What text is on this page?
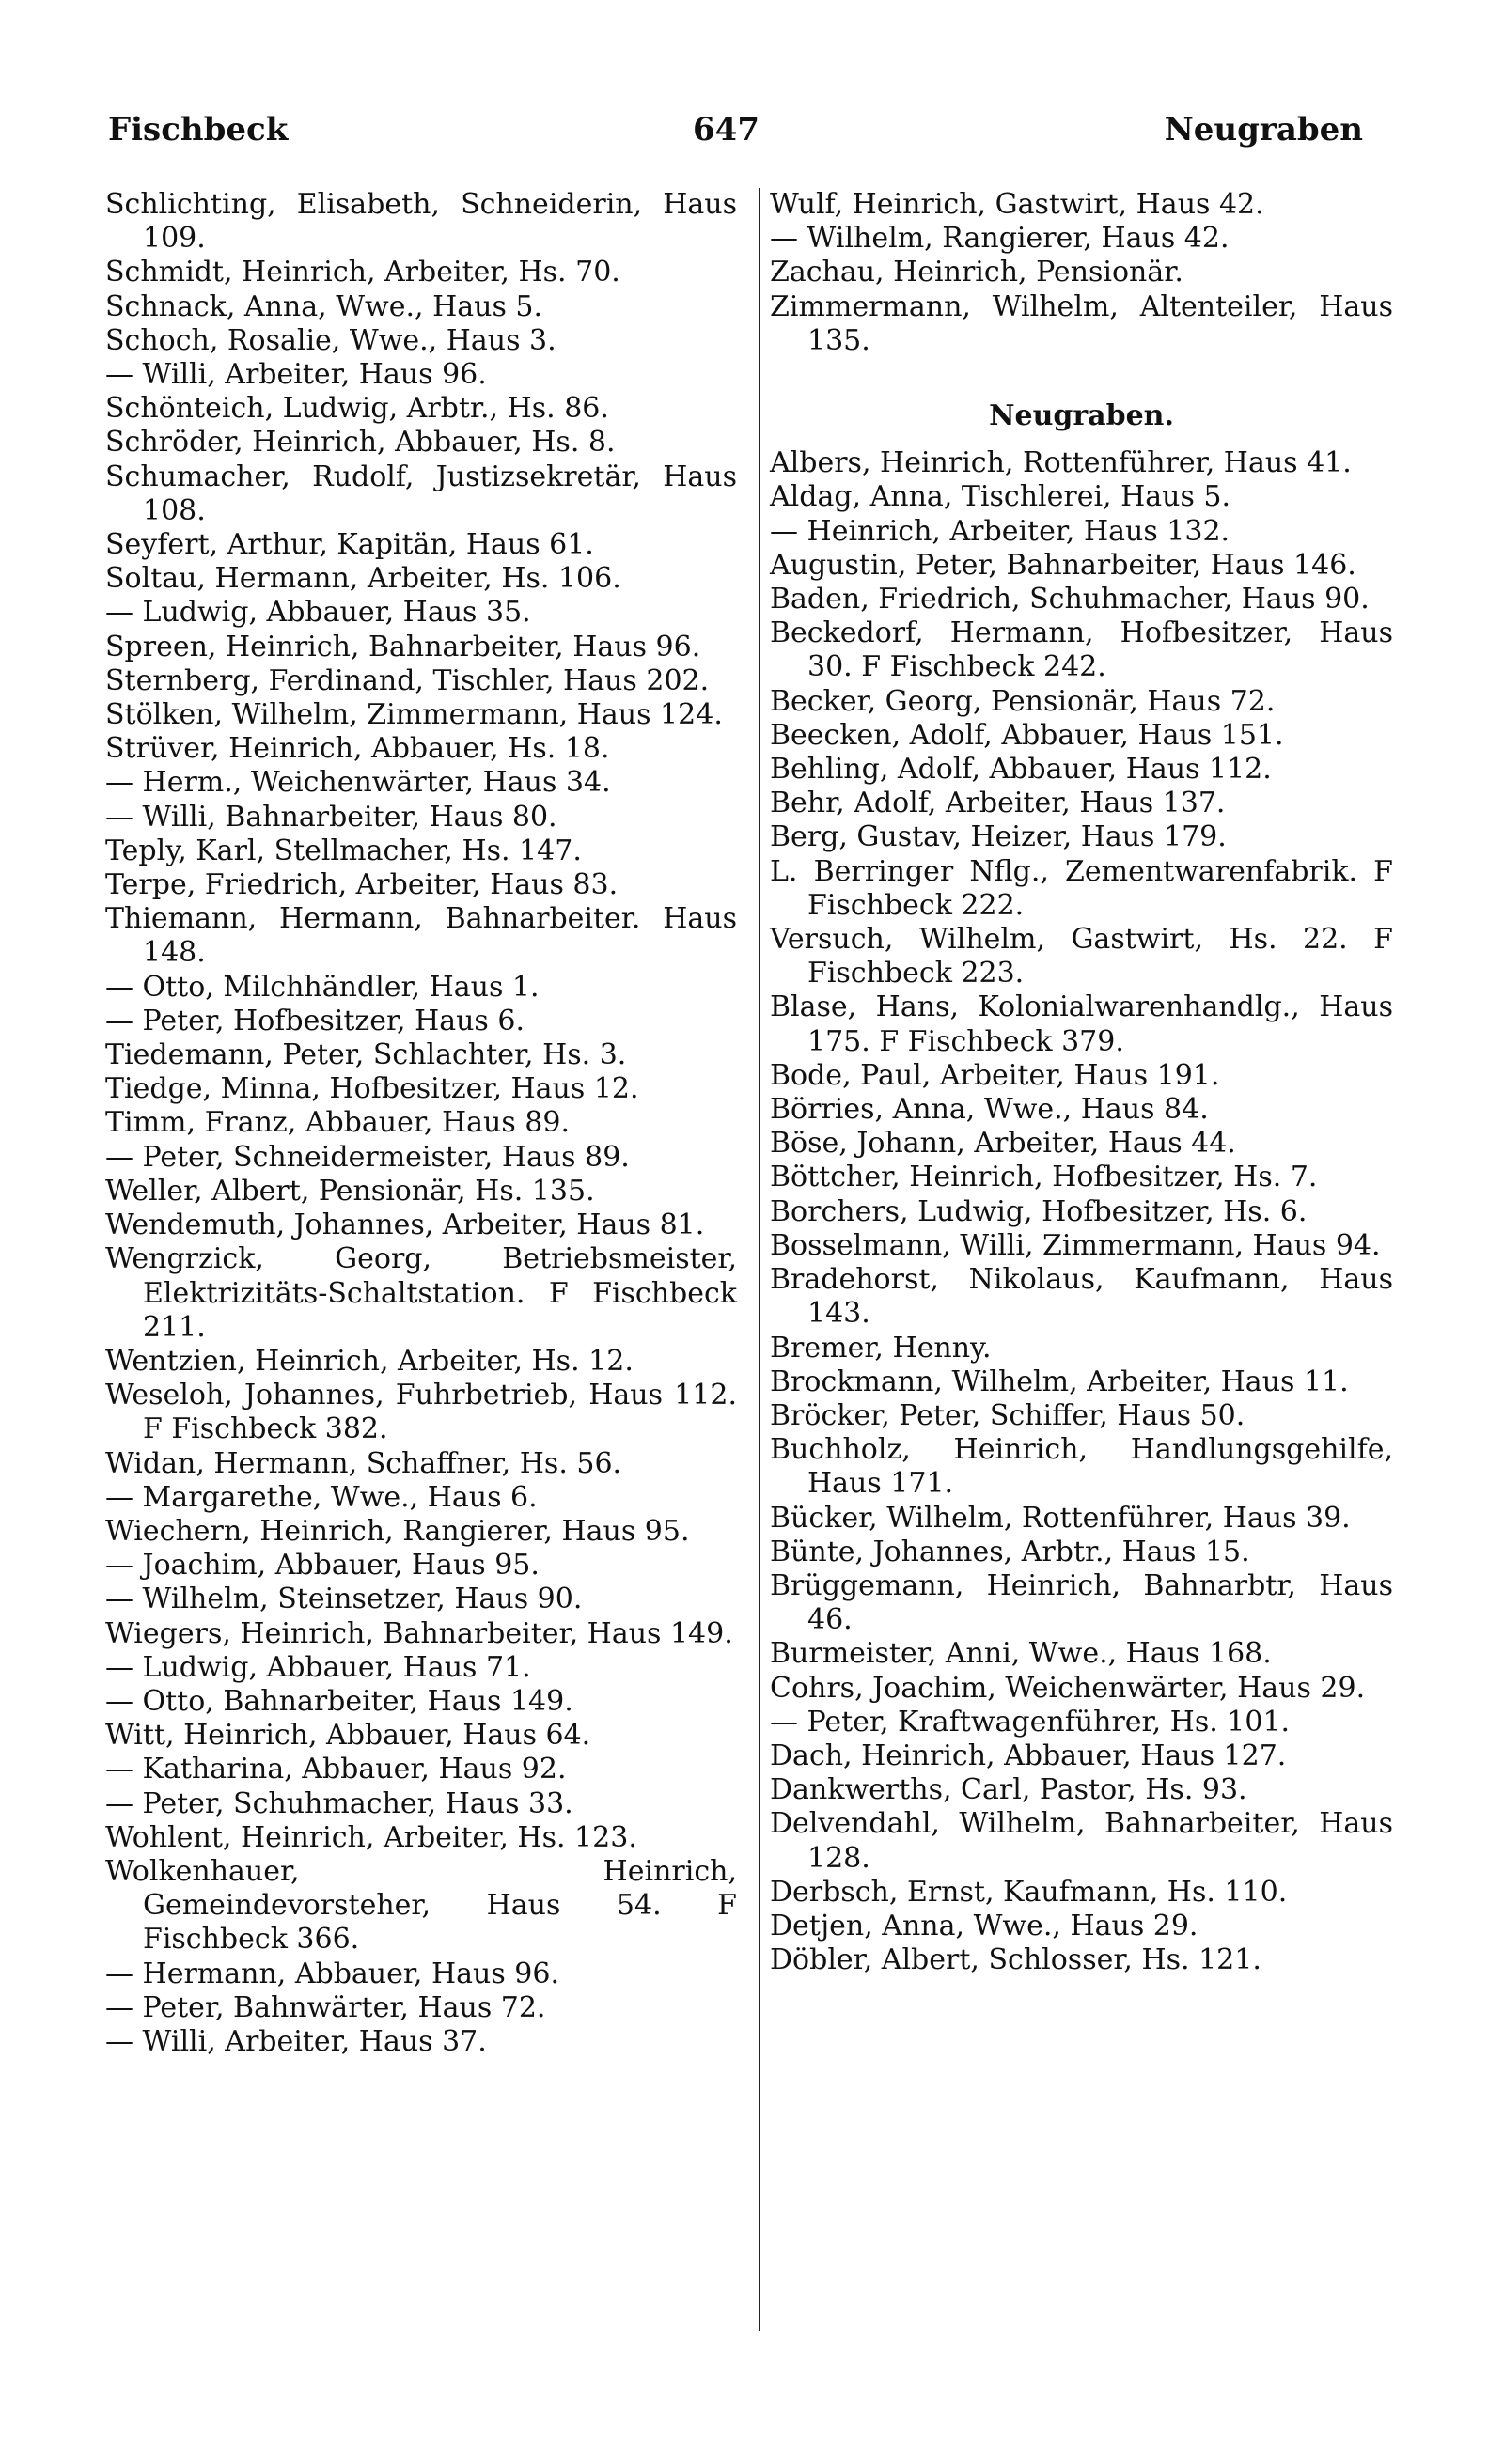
Fischbeck	647	Neugraben
Schlichting, Elisabeth, Schneiderin, Haus 109.
Schmidt, Heinrich, Arbeiter, Hs. 70.
Schnack, Anna, Wwe., Haus 5.
Schoch, Rosalie, Wwe., Haus 3.
— Willi, Arbeiter, Haus 96.
Schönteich, Ludwig, Arbtr., Hs. 86.
Schröder, Heinrich, Abbauer, Hs. 8.
Schumacher, Rudolf, Justizsekretär, Haus 108.
Seyfert, Arthur, Kapitän, Haus 61.
Soltau, Hermann, Arbeiter, Hs. 106.
— Ludwig, Abbauer, Haus 35.
Spreen, Heinrich, Bahnarbeiter, Haus 96.
Sternberg, Ferdinand, Tischler, Haus 202.
Stölken, Wilhelm, Zimmermann, Haus 124.
Strüver, Heinrich, Abbauer, Hs. 18.
— Herm., Weichenwärter, Haus 34.
— Willi, Bahnarbeiter, Haus 80.
Teply, Karl, Stellmacher, Hs. 147.
Terpe, Friedrich, Arbeiter, Haus 83.
Thiemann, Hermann, Bahnarbeiter. Haus 148.
— Otto, Milchhändler, Haus 1.
— Peter, Hofbesitzer, Haus 6.
Tiedemann, Peter, Schlachter, Hs. 3.
Tiedge, Minna, Hofbesitzer, Haus 12.
Timm, Franz, Abbauer, Haus 89.
— Peter, Schneidermeister, Haus 89.
Weller, Albert, Pensionär, Hs. 135.
Wendemuth, Johannes, Arbeiter, Haus 81.
Wengrzick, Georg, Betriebsmeister, Elektrizitäts-Schaltstation. F Fischbeck 211.
Wentzien, Heinrich, Arbeiter, Hs. 12.
Weseloh, Johannes, Fuhrbetrieb, Haus 112. F Fischbeck 382.
Widan, Hermann, Schaffner, Hs. 56.
— Margarethe, Wwe., Haus 6.
Wiechern, Heinrich, Rangierer, Haus 95.
— Joachim, Abbauer, Haus 95.
— Wilhelm, Steinsetzer, Haus 90.
Wiegers, Heinrich, Bahnarbeiter, Haus 149.
— Ludwig, Abbauer, Haus 71.
— Otto, Bahnarbeiter, Haus 149.
Witt, Heinrich, Abbauer, Haus 64.
— Katharina, Abbauer, Haus 92.
— Peter, Schuhmacher, Haus 33.
Wohlent, Heinrich, Arbeiter, Hs. 123.
Wolkenhauer, Heinrich, Gemeindevorsteher, Haus 54. F Fischbeck 366.
— Hermann, Abbauer, Haus 96.
— Peter, Bahnwärter, Haus 72.
— Willi, Arbeiter, Haus 37.
Wulf, Heinrich, Gastwirt, Haus 42.
— Wilhelm, Rangierer, Haus 42.
Zachau, Heinrich, Pensionär.
Zimmermann, Wilhelm, Altenteiler, Haus 135.
Neugraben.
Albers, Heinrich, Rottenführer, Haus 41.
Aldag, Anna, Tischlerei, Haus 5.
— Heinrich, Arbeiter, Haus 132.
Augustin, Peter, Bahnarbeiter, Haus 146.
Baden, Friedrich, Schuhmacher, Haus 90.
Beckedorf, Hermann, Hofbesitzer, Haus 30. F Fischbeck 242.
Becker, Georg, Pensionär, Haus 72.
Beecken, Adolf, Abbauer, Haus 151.
Behling, Adolf, Abbauer, Haus 112.
Behr, Adolf, Arbeiter, Haus 137.
Berg, Gustav, Heizer, Haus 179.
L. Berringer Nflg., Zementwarenfabrik. F Fischbeck 222.
Versuch, Wilhelm, Gastwirt, Hs. 22. F Fischbeck 223.
Blase, Hans, Kolonialwarenhandlg., Haus 175. F Fischbeck 379.
Bode, Paul, Arbeiter, Haus 191.
Börries, Anna, Wwe., Haus 84.
Böse, Johann, Arbeiter, Haus 44.
Böttcher, Heinrich, Hofbesitzer, Hs. 7.
Borchers, Ludwig, Hofbesitzer, Hs. 6.
Bosselmann, Willi, Zimmermann, Haus 94.
Bradehorst, Nikolaus, Kaufmann, Haus 143.
Bremer, Henny.
Brockmann, Wilhelm, Arbeiter, Haus 11.
Bröcker, Peter, Schiffer, Haus 50.
Buchholz, Heinrich, Handlungsgehilfe, Haus 171.
Bücker, Wilhelm, Rottenführer, Haus 39.
Bünte, Johannes, Arbtr., Haus 15.
Brüggemann, Heinrich, Bahnarbtr, Haus 46.
Burmeister, Anni, Wwe., Haus 168.
Cohrs, Joachim, Weichenwärter, Haus 29.
— Peter, Kraftwagenführer, Hs. 101.
Dach, Heinrich, Abbauer, Haus 127.
Dankwerths, Carl, Pastor, Hs. 93.
Delvendahl, Wilhelm, Bahnarbeiter, Haus 128.
Derbsch, Ernst, Kaufmann, Hs. 110.
Detjen, Anna, Wwe., Haus 29.
Döbler, Albert, Schlosser, Hs. 121.
